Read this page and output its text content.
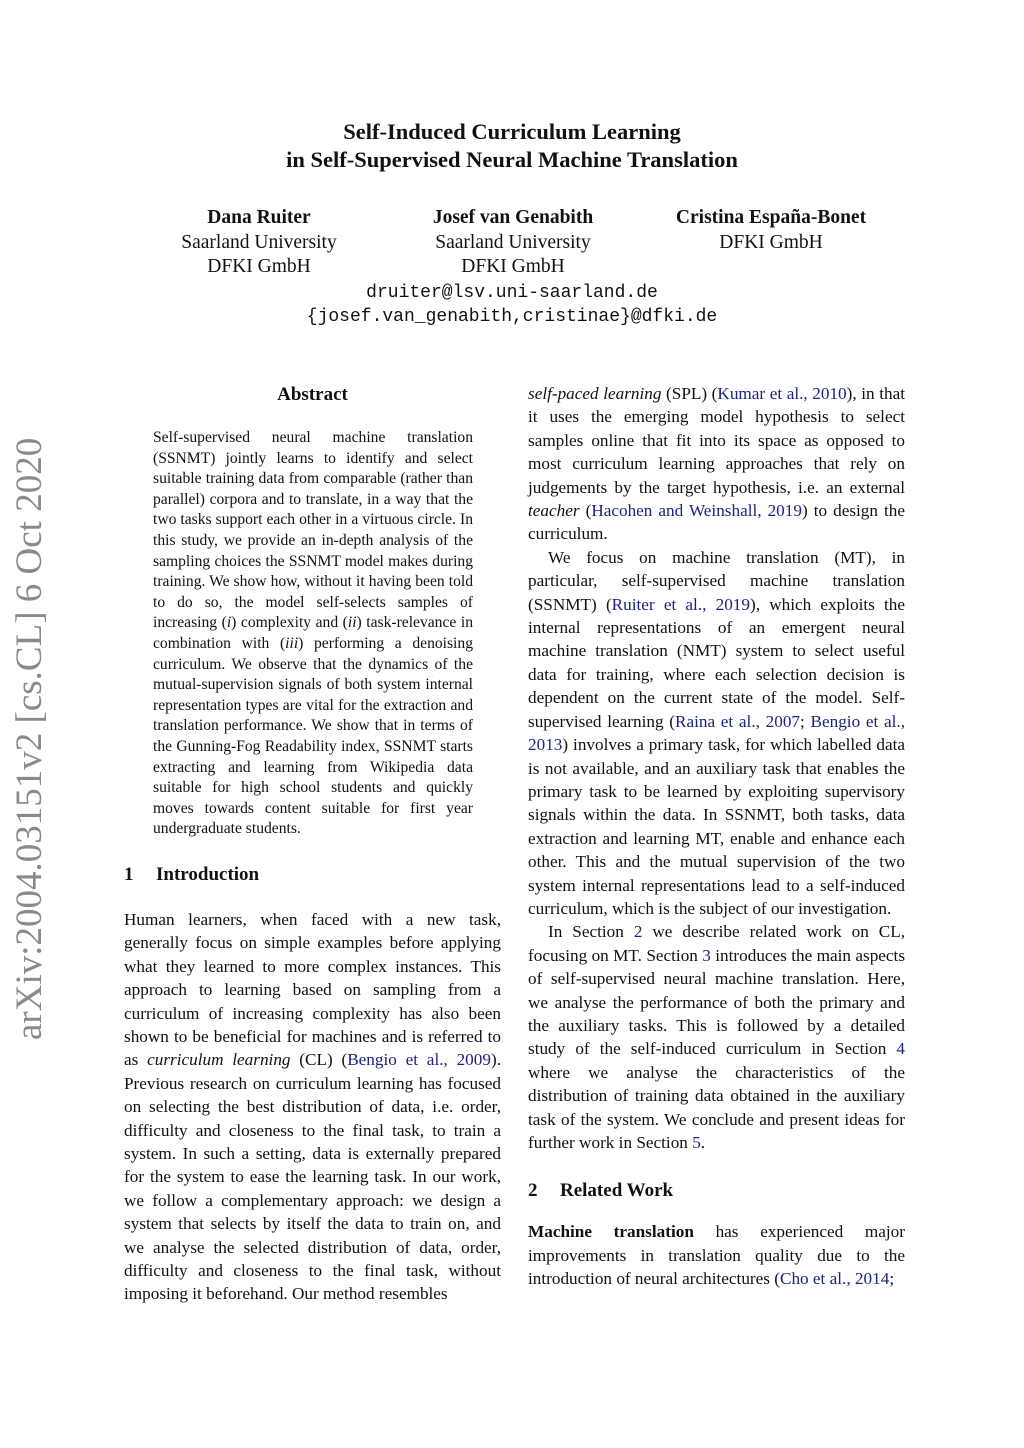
arXiv:2004.03151v2 [cs.CL] 6 Oct 2020
Self-Induced Curriculum Learning
in Self-Supervised Neural Machine Translation
Dana Ruiter
Saarland University
DFKI GmbH
Josef van Genabith
Saarland University
DFKI GmbH
Cristina España-Bonet
DFKI GmbH
druiter@lsv.uni-saarland.de
{josef.van_genabith,cristinae}@dfki.de
Abstract

Self-supervised neural machine translation (SSNMT) jointly learns to identify and select suitable training data from comparable (rather than parallel) corpora and to translate, in a way that the two tasks support each other in a virtuous circle. In this study, we provide an in-depth analysis of the sampling choices the SSNMT model makes during training. We show how, without it having been told to do so, the model self-selects samples of increasing (i) complexity and (ii) task-relevance in combination with (iii) performing a denoising curriculum. We observe that the dynamics of the mutual-supervision signals of both system internal representation types are vital for the extraction and translation performance. We show that in terms of the Gunning-Fog Readability index, SSNMT starts extracting and learning from Wikipedia data suitable for high school students and quickly moves towards content suitable for first year undergraduate students.

1 Introduction

Human learners, when faced with a new task, generally focus on simple examples before applying what they learned to more complex instances. This approach to learning based on sampling from a curriculum of increasing complexity has also been shown to be beneficial for machines and is referred to as curriculum learning (CL) (Bengio et al., 2009). Previous research on curriculum learning has focused on selecting the best distribution of data, i.e. order, difficulty and closeness to the final task, to train a system. In such a setting, data is externally prepared for the system to ease the learning task. In our work, we follow a complementary approach: we design a system that selects by itself the data to train on, and we analyse the selected distribution of data, order, difficulty and closeness to the final task, without imposing it beforehand. Our method resembles

self-paced learning (SPL) (Kumar et al., 2010), in that it uses the emerging model hypothesis to select samples online that fit into its space as opposed to most curriculum learning approaches that rely on judgements by the target hypothesis, i.e. an external teacher (Hacohen and Weinshall, 2019) to design the curriculum.

We focus on machine translation (MT), in particular, self-supervised machine translation (SSNMT) (Ruiter et al., 2019), which exploits the internal representations of an emergent neural machine translation (NMT) system to select useful data for training, where each selection decision is dependent on the current state of the model. Self-supervised learning (Raina et al., 2007; Bengio et al., 2013) involves a primary task, for which labelled data is not available, and an auxiliary task that enables the primary task to be learned by exploiting supervisory signals within the data. In SSNMT, both tasks, data extraction and learning MT, enable and enhance each other. This and the mutual supervision of the two system internal representations lead to a self-induced curriculum, which is the subject of our investigation.

In Section 2 we describe related work on CL, focusing on MT. Section 3 introduces the main aspects of self-supervised neural machine translation. Here, we analyse the performance of both the primary and the auxiliary tasks. This is followed by a detailed study of the self-induced curriculum in Section 4 where we analyse the characteristics of the distribution of training data obtained in the auxiliary task of the system. We conclude and present ideas for further work in Section 5.

2 Related Work

Machine translation has experienced major improvements in translation quality due to the introduction of neural architectures (Cho et al., 2014;
